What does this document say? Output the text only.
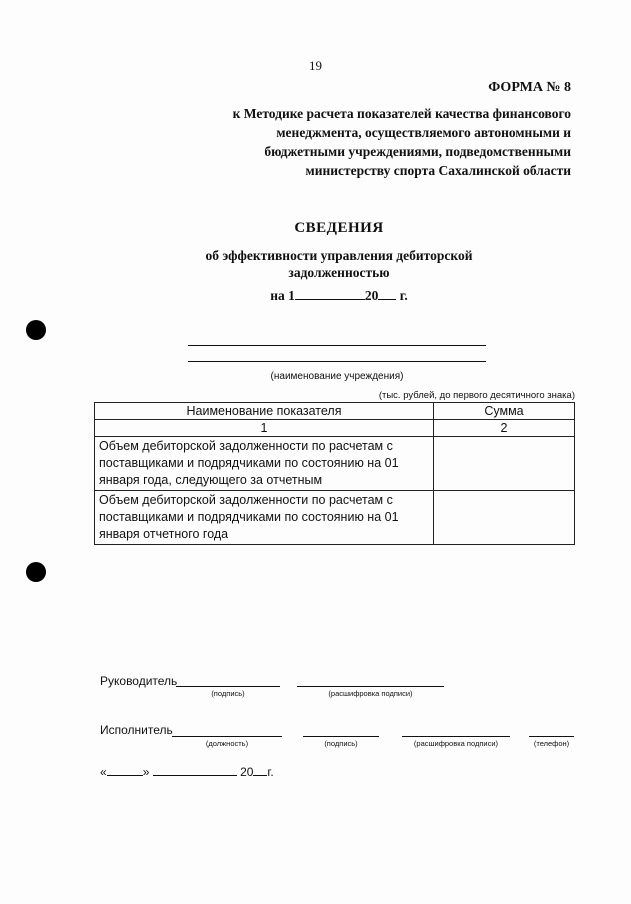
19
ФОРМА № 8
к Методике расчета показателей качества финансового
менеджмента, осуществляемого автономными и
бюджетными учреждениями, подведомственными
министерству спорта Сахалинской области
СВЕДЕНИЯ
об эффективности управления дебиторской
задолженностью
на 1	20 г.
(наименование учреждения)
(тыс. рублей, до первого десятичного знака)
Наименование показателя	Сумма
1	2

Объем дебиторской задолженности по расчетам с
поставщиками и подрядчиками по состоянию на 01
января года, следующего за отчетным	

Объем дебиторской задолженности по расчетам с
поставщиками и подрядчиками по состоянию на 01
января отчетного года	

Руководитель
(подпись)	(расшифровка подписи)
Исполнитель
(должность)	(подпись)	(расшифровка подписи)	(телефон)
«	»	20 г.
